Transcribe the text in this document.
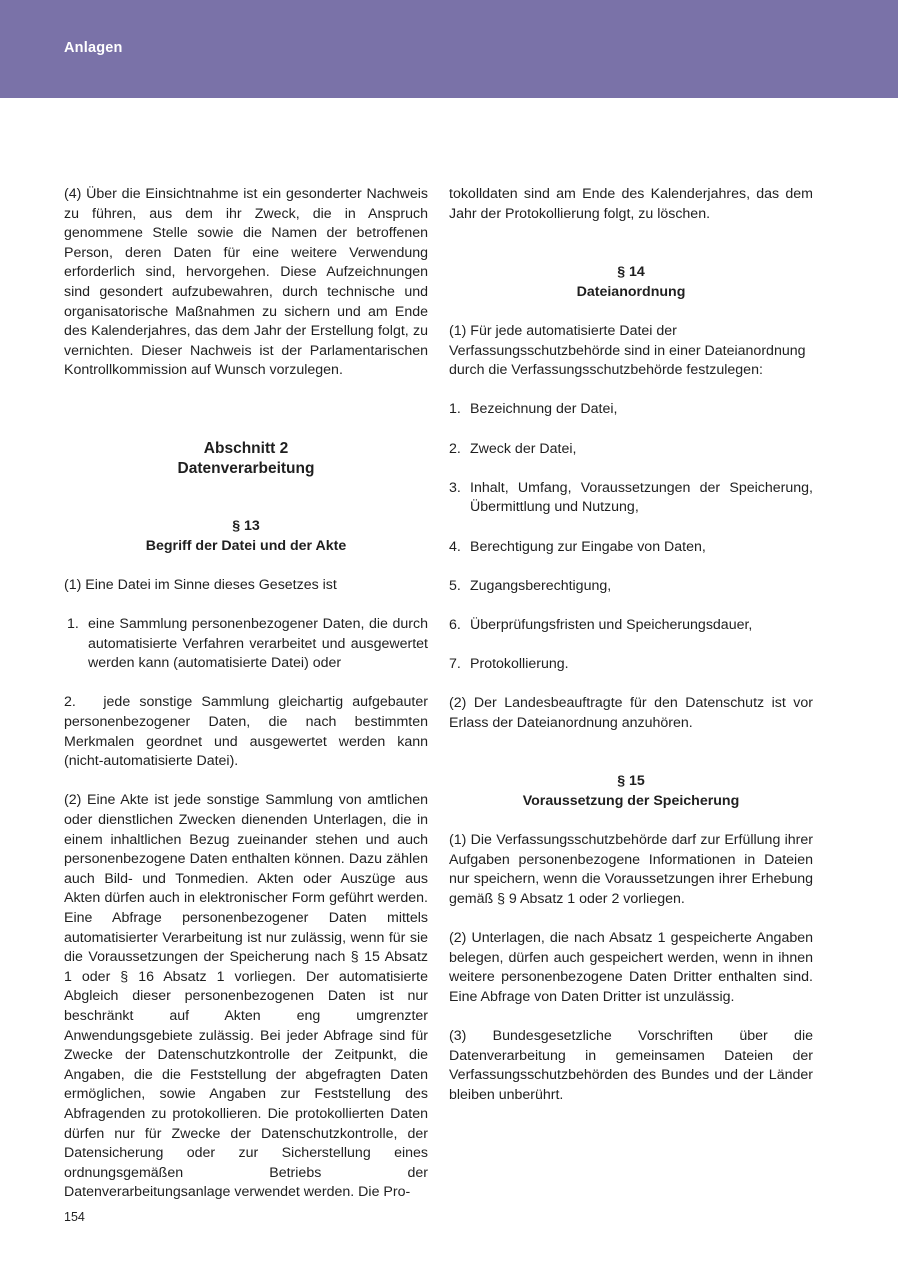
Anlagen

(4) Über die Einsichtnahme ist ein gesonderter Nachweis zu führen, aus dem ihr Zweck, die in Anspruch genommene Stelle sowie die Namen der betroffenen Person, deren Daten für eine weitere Verwendung erforderlich sind, hervorgehen. Diese Aufzeichnungen sind gesondert aufzubewahren, durch technische und organisatorische Maßnahmen zu sichern und am Ende des Kalenderjahres, das dem Jahr der Erstellung folgt, zu vernichten. Dieser Nachweis ist der Parlamentarischen Kontrollkommission auf Wunsch vorzulegen.

Abschnitt 2

Datenverarbeitung

§ 13

Begriff der Datei und der Akte

(1) Eine Datei im Sinne dieses Gesetzes ist

1. eine Sammlung personenbezogener Daten, die durch automatisierte Verfahren verarbeitet und ausgewertet werden kann (automatisierte Datei) oder

2. jede sonstige Sammlung gleichartig aufgebauter personenbezogener Daten, die nach bestimmten Merkmalen geordnet und ausgewertet werden kann (nicht-automatisierte Datei).

(2) Eine Akte ist jede sonstige Sammlung von amtlichen oder dienstlichen Zwecken dienenden Unterlagen, die in einem inhaltlichen Bezug zueinander stehen und auch personenbezogene Daten enthalten können. Dazu zählen auch Bild- und Tonmedien. Akten oder Auszüge aus Akten dürfen auch in elektronischer Form geführt werden. Eine Abfrage personenbezogener Daten mittels automatisierter Verarbeitung ist nur zulässig, wenn für sie die Voraussetzungen der Speicherung nach § 15 Absatz 1 oder § 16 Absatz 1 vorliegen. Der automatisierte Abgleich dieser personenbezogenen Daten ist nur beschränkt auf Akten eng umgrenzter Anwendungsgebiete zulässig. Bei jeder Abfrage sind für Zwecke der Datenschutzkontrolle der Zeitpunkt, die Angaben, die die Feststellung der abgefragten Daten ermöglichen, sowie Angaben zur Feststellung des Abfragenden zu protokollieren. Die protokollierten Daten dürfen nur für Zwecke der Datenschutzkontrolle, der Datensicherung oder zur Sicherstellung eines ordnungsgemäßen Betriebs der Datenverarbeitungsanlage verwendet werden. Die Pro-

tokolldaten sind am Ende des Kalenderjahres, das dem Jahr der Protokollierung folgt, zu löschen.

§ 14

Dateianordnung

(1) Für jede automatisierte Datei der Verfassungsschutzbehörde sind in einer Dateianordnung durch die Verfassungsschutzbehörde festzulegen:

1. Bezeichnung der Datei,
2. Zweck der Datei,
3. Inhalt, Umfang, Voraussetzungen der Speicherung, Übermittlung und Nutzung,
4. Berechtigung zur Eingabe von Daten,
5. Zugangsberechtigung,
6. Überprüfungsfristen und Speicherungsdauer,
7. Protokollierung.

(2) Der Landesbeauftragte für den Datenschutz ist vor Erlass der Dateianordnung anzuhören.

§ 15

Voraussetzung der Speicherung

(1) Die Verfassungsschutzbehörde darf zur Erfüllung ihrer Aufgaben personenbezogene Informationen in Dateien nur speichern, wenn die Voraussetzungen ihrer Erhebung gemäß § 9 Absatz 1 oder 2 vorliegen.

(2) Unterlagen, die nach Absatz 1 gespeicherte Angaben belegen, dürfen auch gespeichert werden, wenn in ihnen weitere personenbezogene Daten Dritter enthalten sind. Eine Abfrage von Daten Dritter ist unzulässig.

(3) Bundesgesetzliche Vorschriften über die Datenverarbeitung in gemeinsamen Dateien der Verfassungsschutzbehörden des Bundes und der Länder bleiben unberührt.

154
